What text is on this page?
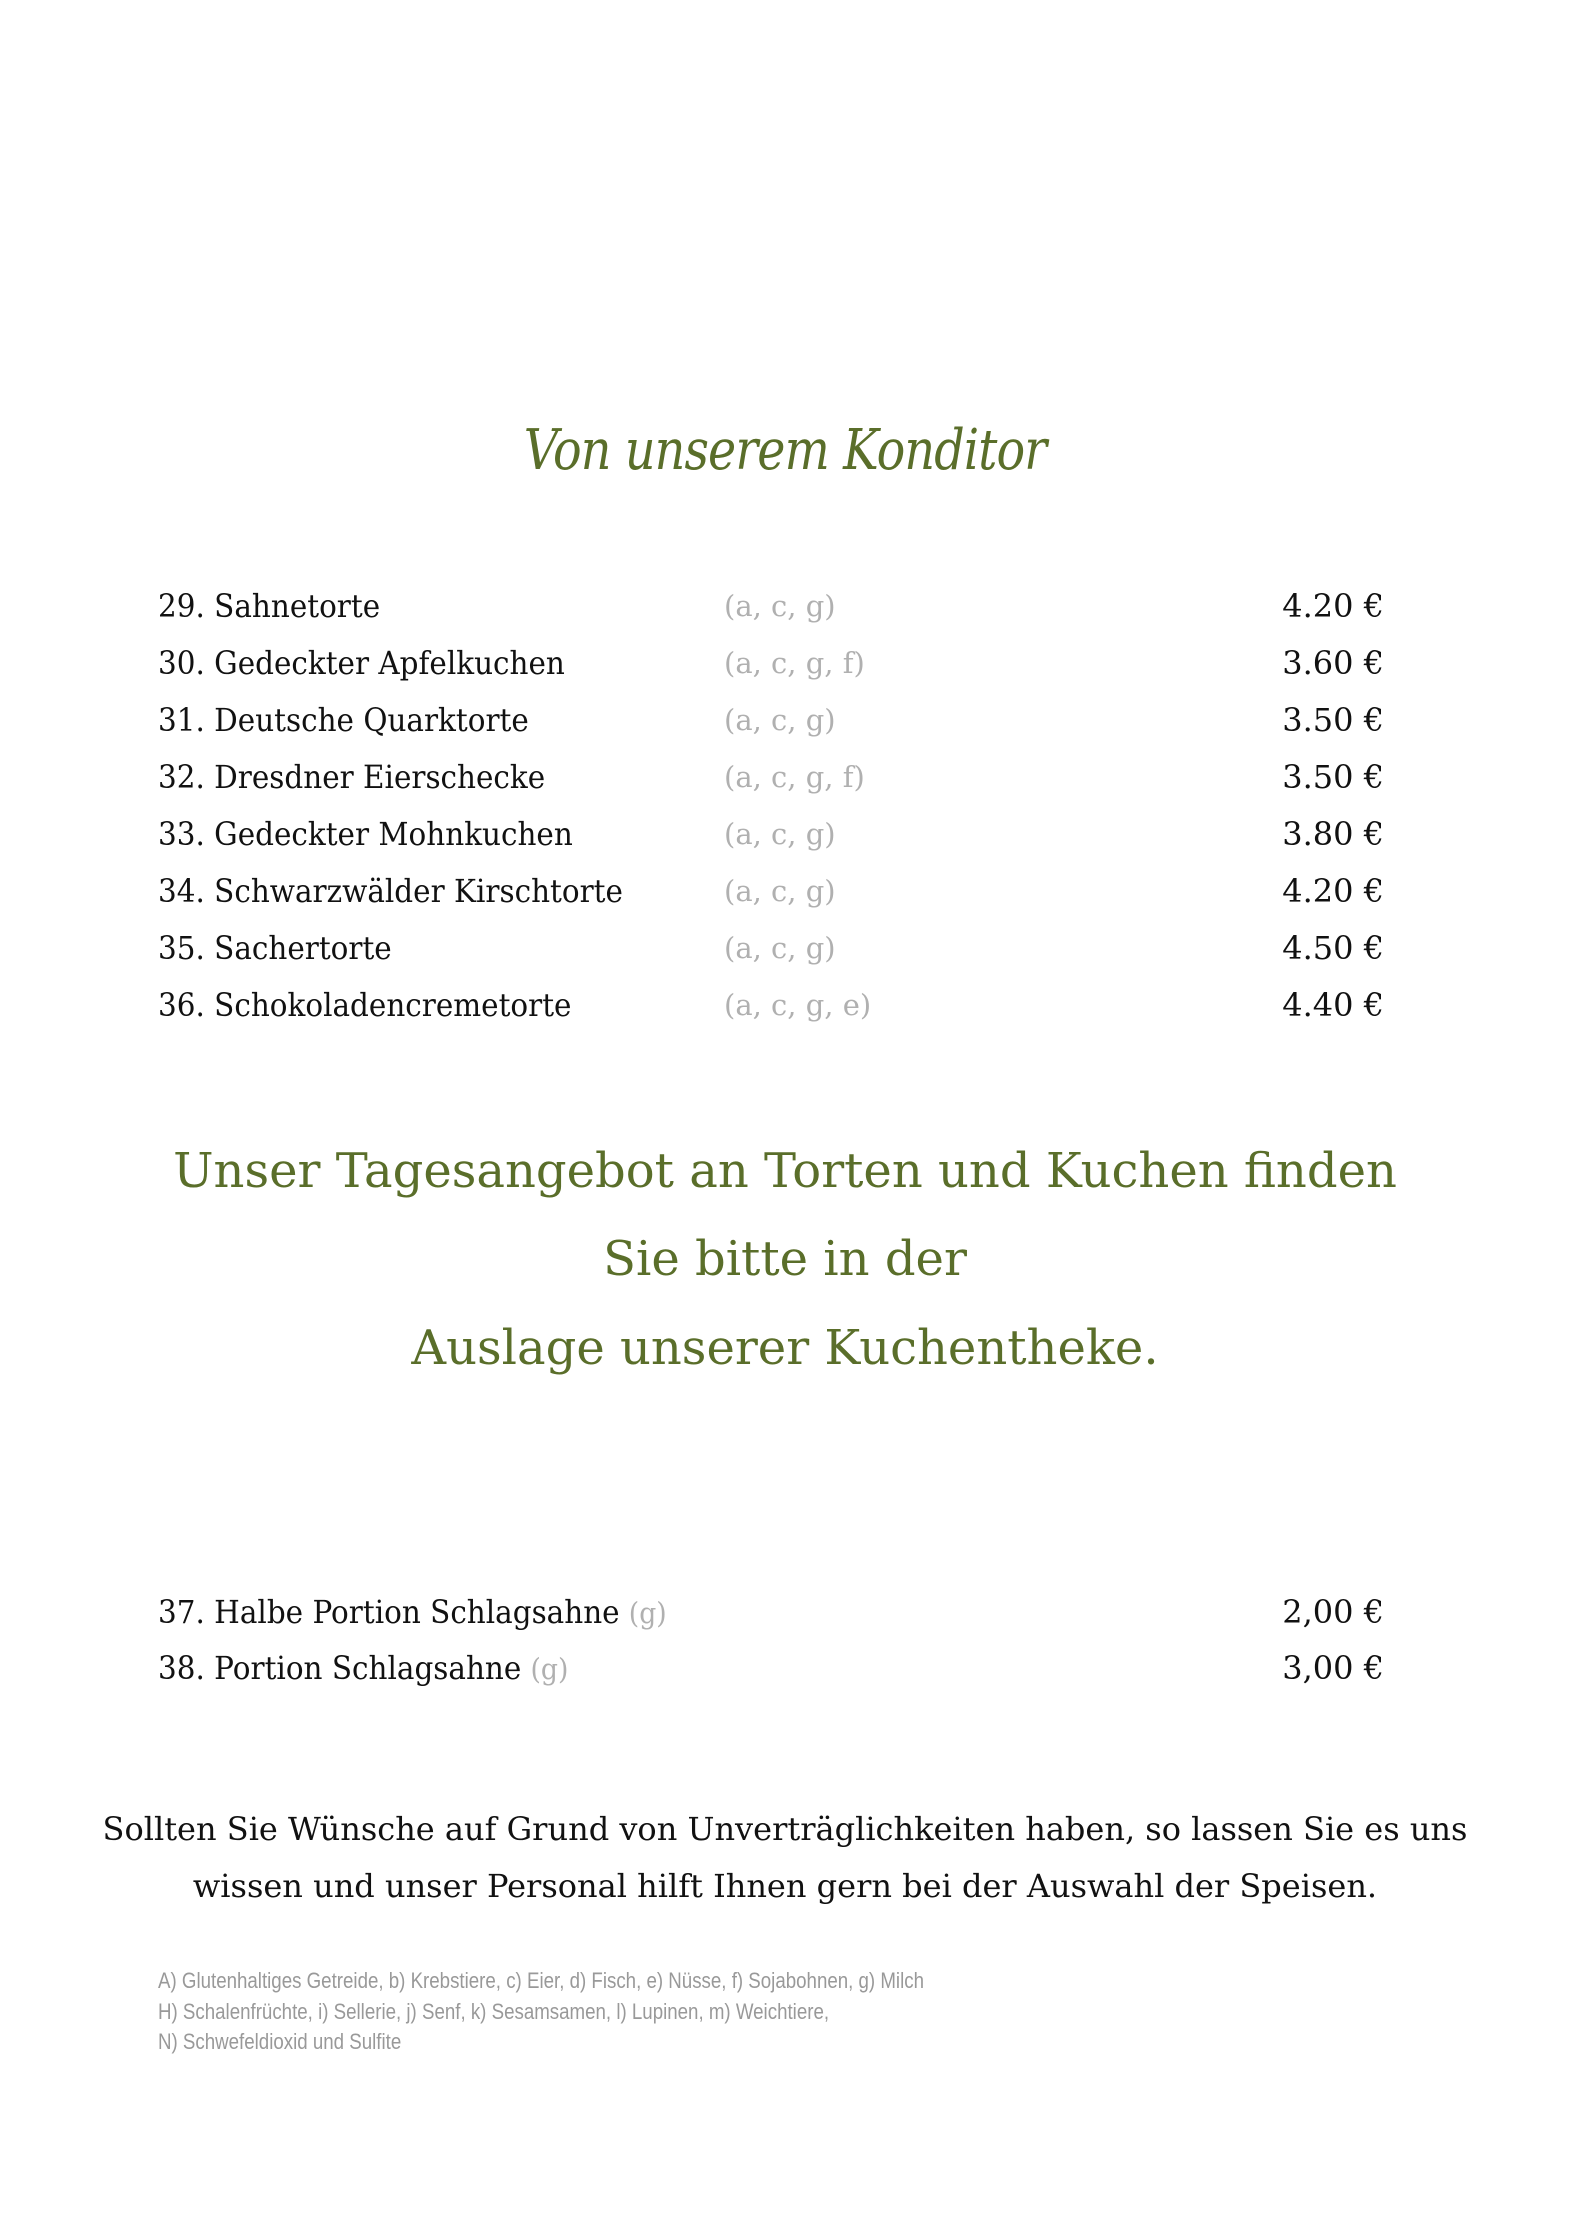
Von unserem Konditor
29. Sahnetorte	(a, c, g)	4.20 €
30. Gedeckter Apfelkuchen	(a, c, g, f)	3.60 €
31. Deutsche Quarktorte	(a, c, g)	3.50 €
32. Dresdner Eierschecke	(a, c, g, f)	3.50 €
33. Gedeckter Mohnkuchen	(a, c, g)	3.80 €
34. Schwarzwälder Kirschtorte	(a, c, g)	4.20 €
35. Sachertorte	(a, c, g)	4.50 €
36. Schokoladencremetorte	(a, c, g, e)	4.40 €
Unser Tagesangebot an Torten und Kuchen finden
Sie bitte in der
Auslage unserer Kuchentheke.
37. Halbe Portion Schlagsahne (g)	2,00 €
38. Portion Schlagsahne (g)	3,00 €
Sollten Sie Wünsche auf Grund von Unverträglichkeiten haben, so lassen Sie es uns
wissen und unser Personal hilft Ihnen gern bei der Auswahl der Speisen.
A) Glutenhaltiges Getreide, b) Krebstiere, c) Eier, d) Fisch, e) Nüsse, f) Sojabohnen, g) Milch
H) Schalenfrüchte, i) Sellerie, j) Senf, k) Sesamsamen, l) Lupinen, m) Weichtiere,
N) Schwefeldioxid und Sulfite
